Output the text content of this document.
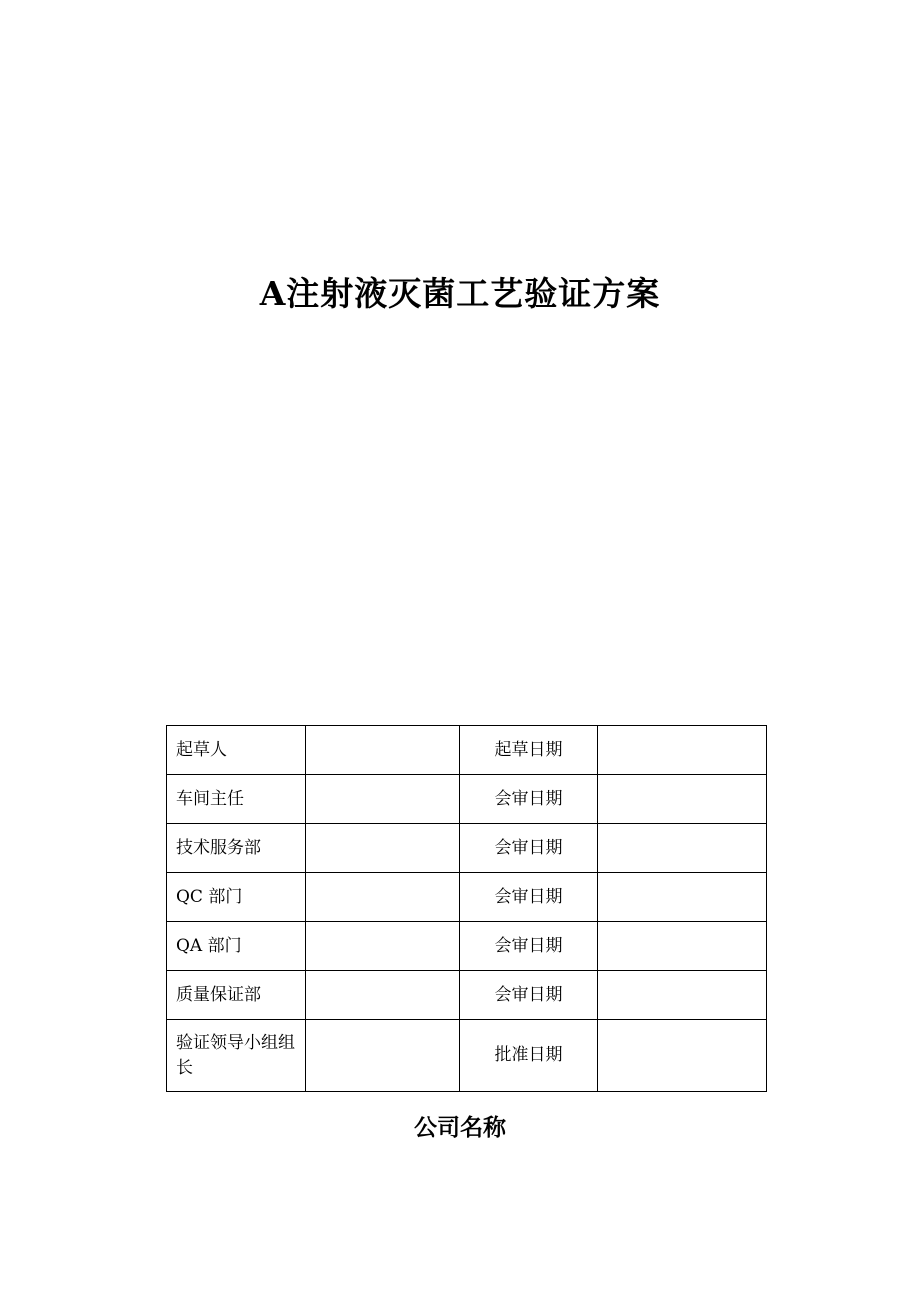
A注射液灭菌工艺验证方案
起草人		起草日期	
车间主任		会审日期	
技术服务部		会审日期	
QC 部门		会审日期	
QA 部门		会审日期	
质量保证部		会审日期	
验证领导小组组长		批准日期	
公司名称
